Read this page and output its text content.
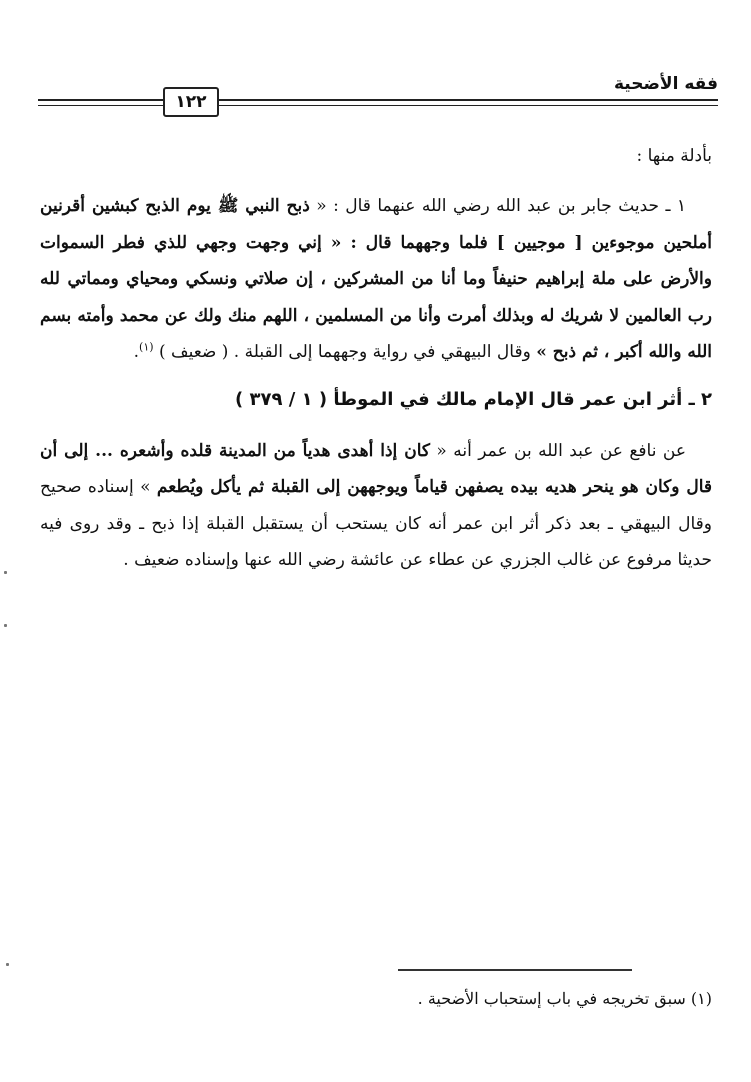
فقه الأضحية
١٢٢

بأدلة منها :

١ ـ حديث جابر بن عبد الله رضي الله عنهما قال : « ذبح النبي ﷺ يوم الذبح كبشين أقرنين أملحين موجوءين [ موجيين ] فلما وجههما قال : « إني وجهت وجهي للذي فطر السموات والأرض على ملة إبراهيم حنيفاً وما أنا من المشركين ، إن صلاتي ونسكي ومحياي ومماتي لله رب العالمين لا شريك له وبذلك أمرت وأنا من المسلمين ، اللهم منك ولك عن محمد وأمته بسم الله والله أكبر ، ثم ذبح » وقال البيهقي في رواية وجههما إلى القبلة . ( ضعيف ) $^{(١)}$.

٢ ـ أثر ابن عمر قال الإمام مالك في الموطأ ( ١ / ٣٧٩ )

عن نافع عن عبد الله بن عمر أنه « كان إذا أهدى هدياً من المدينة قلده وأشعره ... إلى أن قال وكان هو ينحر هديه بيده يصفهن قياماً ويوجههن إلى القبلة ثم يأكل ويُطعم » إسناده صحيح وقال البيهقي ـ بعد ذكر أثر ابن عمر أنه كان يستحب أن يستقبل القبلة إذا ذبح ـ وقد روى فيه حديثا مرفوع عن غالب الجزري عن عطاء عن عائشة رضي الله عنها وإسناده ضعيف .

(١) سبق تخريجه في باب إستحباب الأضحية .
